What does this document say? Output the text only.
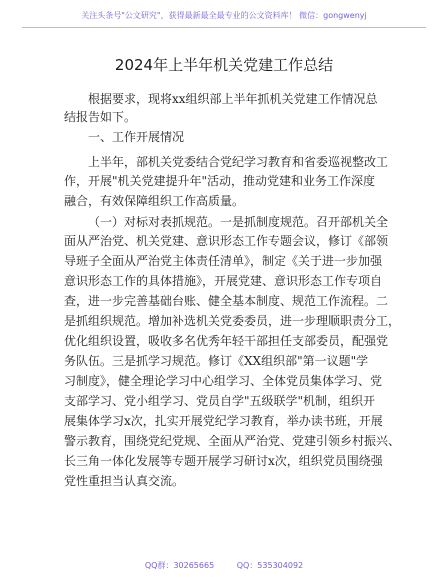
关注头条号"公文研究"，获得最新最全最专业的公文资料库！ 微信：gongwenyj
2024年上半年机关党建工作总结
根据要求，现将xx组织部上半年抓机关党建工作情况总
结报告如下。
一、工作开展情况
上半年，部机关党委结合党纪学习教育和省委巡视整改工
作，开展"机关党建提升年"活动，推动党建和业务工作深度
融合，有效保障组织工作高质量。
（一）对标对表抓规范。一是抓制度规范。召开部机关全
面从严治党、机关党建、意识形态工作专题会议，修订《部领
导班子全面从严治党主体责任清单》，制定《关于进一步加强
意识形态工作的具体措施》，开展党建、意识形态工作专项自
查，进一步完善基础台账、健全基本制度、规范工作流程。二
是抓组织规范。增加补选机关党委委员，进一步理顺职责分工，
优化组织设置，吸收多名优秀年轻干部担任支部委员，配强党
务队伍。三是抓学习规范。修订《XX组织部"第一议题"学
习制度》，健全理论学习中心组学习、全体党员集体学习、党
支部学习、党小组学习、党员自学"五级联学"机制，组织开
展集体学习x次，扎实开展党纪学习教育，举办读书班，开展
警示教育，围绕党纪党规、全面从严治党、党建引领乡村振兴、
长三角一体化发展等专题开展学习研讨x次，组织党员围绕强
党性重担当认真交流。
QQ群：30265665	QQ：535304092
